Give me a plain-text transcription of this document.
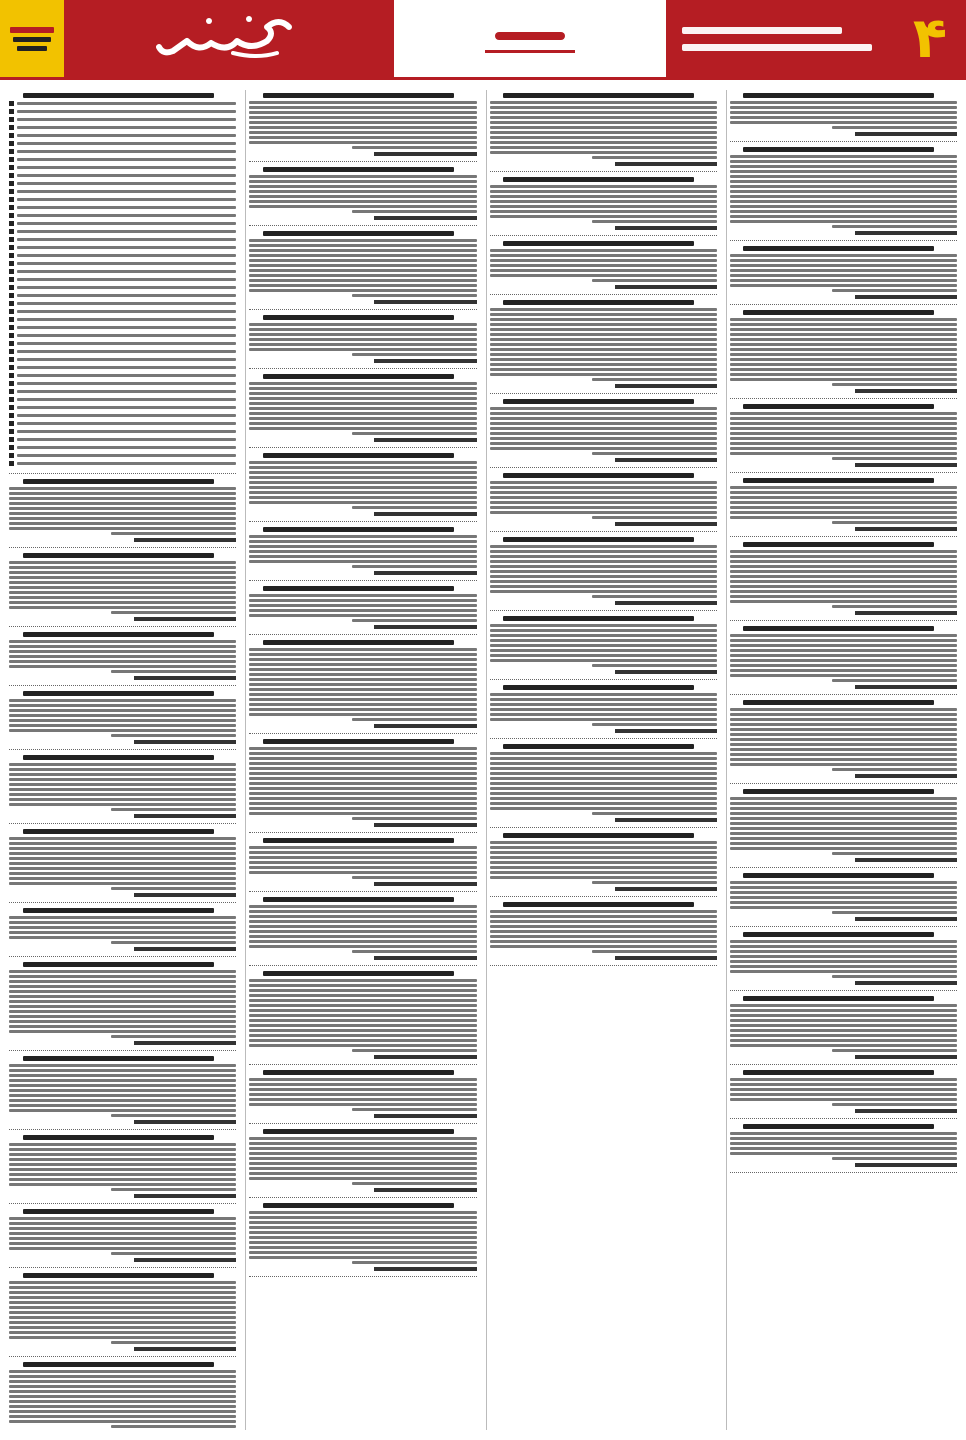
۴
